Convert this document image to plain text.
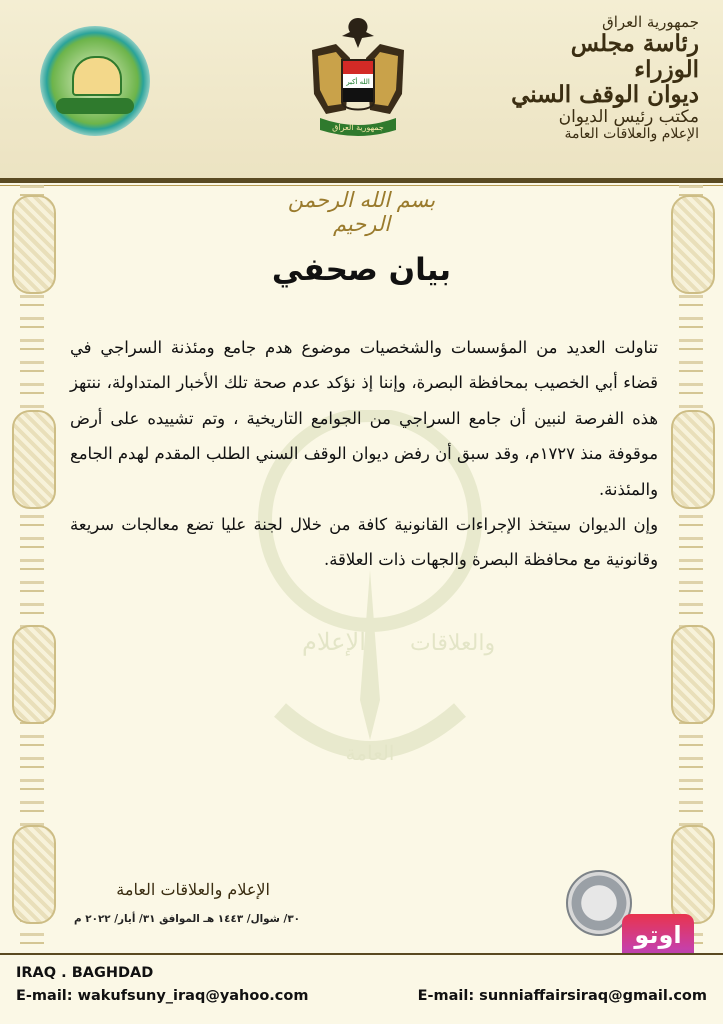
الله أكبر
جمهورية العراق
جمهورية العراق
رئاسة مجلس الوزراء
ديوان الوقف السني
مكتب رئيس الديوان
الإعلام والعلاقات العامة
الإعلام والعلاقات
العامة
بسم الله الرحمن الرحيم
بيان صحفي

تناولت العديد من المؤسسات والشخصيات موضوع هدم جامع ومئذنة السراجي في قضاء أبي الخصيب بمحافظة البصرة، وإننا إذ نؤكد عدم صحة تلك الأخبار المتداولة، ننتهز هذه الفرصة لنبين أن جامع السراجي من الجوامع التاريخية ، وتم تشييده على أرض موقوفة منذ ١٧٢٧م، وقد سبق أن رفض ديوان الوقف السني الطلب المقدم لهدم الجامع والمئذنة.

وإن الديوان سيتخذ الإجراءات القانونية كافة من خلال لجنة عليا تضع معالجات سريعة وقانونية مع محافظة البصرة والجهات ذات العلاقة.

الإعلام والعلاقات العامة
٣٠/ شوال/ ١٤٤٣ هـ الموافق ٣١/ أيار/ ٢٠٢٢ م
اوتو
IRAQ . BAGHDAD
E-mail: wakufsuny_iraq@yahoo.com	E-mail: sunniaffairsiraq@gmail.com
